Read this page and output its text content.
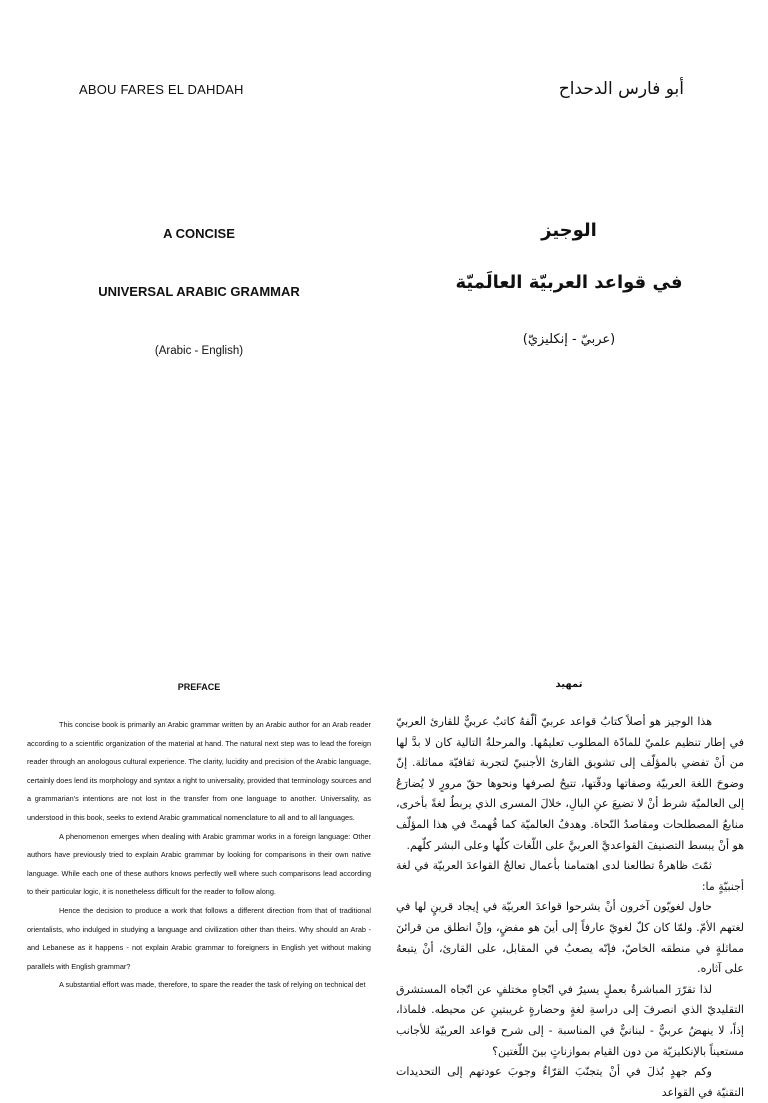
ABOU FARES EL DAHDAH	أبو فارس الدحداح
A CONCISE
UNIVERSAL ARABIC GRAMMAR
(Arabic - English)
الوجيز
في قواعد العربيّة العالَميّة
(عربيّ - إنكليزيّ)
PREFACE	تمهيد

This concise book is primarily an Arabic grammar written by an Arabic author for an Arab reader according to a scientific organization of the material at hand. The natural next step was to lead the foreign reader through an anologous cultural experience. The clarity, lucidity and precision of the Arabic language, certainly does lend its morphology and syntax a right to universality, provided that terminology sources and a grammarian's intentions are not lost in the transfer from one language to another. Universality, as understood in this book, seeks to extend Arabic grammatical nomenclature to all and to all languages.

A phenomenon emerges when dealing with Arabic grammar works in a foreign language: Other authors have previously tried to explain Arabic grammar by looking for comparisons in their own native language. While each one of these authors knows perfectly well where such comparisons lead according to their particular logic, it is nonetheless difficult for the reader to follow along.

Hence the decision to produce a work that follows a different direction from that of traditional orientalists, who indulged in studying a language and civilization other than theirs. Why should an Arab - and Lebanese as it happens - not explain Arabic grammar to foreigners in English yet without making parallels with English grammar?

A substantial effort was made, therefore, to spare the reader the task of relying on technical det

هذا الوجيز هو أصلاً كتابُ قواعد عربيّ ألّفهُ كاتبٌ عربيٌّ للقارئ العربيّ في إطار تنظيم علميّ للمادّة المطلوب تعليمُها. والمرحلةُ التالية كان لا بدَّ لها من أنْ تفضي بالمؤلّف إلى تشويق القارئ الأجنبيّ لتجربة ثقافيّة مماثلة. إنّ وضوحَ اللغة العربيّة وصفاتها ودقّتها، تتيحُ لصرفها ونحوها حقّ مرورٍ لا يُضارَعُ إلى العالميّة شرط أنْ لا تضيعَ عنِ البالِ، خلالَ المسرى الذي يربطُ لغةً بأخرى، منابعُ المصطلحات ومقاصدُ النّحاة. وهدفُ العالميّة كما فُهمتْ في هذا المؤلّف هو أنْ يبسط التصنيفَ القواعديَّ العربيَّ على اللّغات كلّها وعلى البشر كلّهم.

ثمّتَ ظاهرةٌ تطالعنا لدى اهتمامنا بأعمال تعالجُ القواعدَ العربيّة في لغة أجنبيّةٍ ما:

حاول لغويّون آخرون أنْ يشرحوا قواعدَ العربيّة في إيجاد قرينٍ لها في لغتهم الأمّ. ولمّا كان كلّ لغويّ عارفاً إلى أينَ هو مفضٍ، وإنْ انطلق من قرائنَ مماثلةٍ في منطقه الخاصّ، فإنّه يصعبُ في المقابل، على القارئ، أنْ يتبعهُ على آثاره.

لذا تقرّرَ المباشرةُ بعملٍ يسيرُ في اتّجاهٍ مختلفٍ عن اتّجاه المستشرق التقليديّ الذي انصرفَ إلى دراسةِ لغةٍ وحضارةٍ غريبتينِ عن محيطه. فلماذا، إذاً، لا ينهضُ عربيٌّ - لبنانيٌّ في المناسبة - إلى شرح قواعد العربيّة للأجانب مستعيناً بالإنكليزيّة من دون القيام بموازناتٍ بينَ اللّغتين؟

وكم جهدٍ بُذلَ في أنْ يتجنّبَ القرّاءُ وجوبَ عودتهم إلى التحديدات التقنيّة في القواعد
